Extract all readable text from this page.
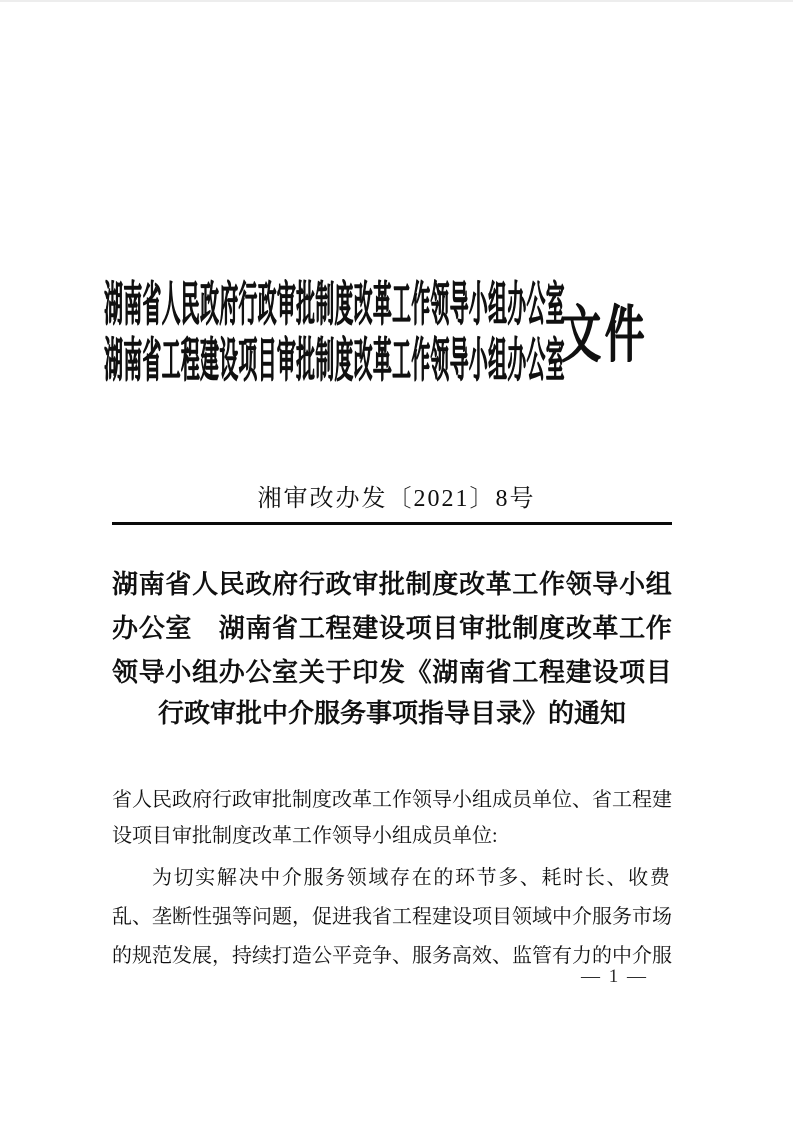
湖南省人民政府行政审批制度改革工作领导小组办公室
湖南省工程建设项目审批制度改革工作领导小组办公室
文件
湘审改办发〔2021〕8号
湖 南 省 人 民 政 府 行 政 审 批 制 度 改 革 工 作 领 导 小 组
办 公 室
　 湖 南 省 工 程 建 设 项 目 审 批 制 度 改 革 工 作
领 导 小 组 办 公 室 关 于 印 发 《 湖 南 省 工 程 建 设 项 目
行政审批中介服务事项指导目录》的通知
省 人 民 政 府 行 政 审 批 制 度 改 革 工 作 领 导 小 组 成 员 单 位 、 省 工 程 建
设项目审批制度改革工作领导小组成员单位:
为 切 实 解 决 中 介 服 务 领 域 存 在 的 环 节 多 、 耗 时 长 、 收 费
乱 、 垄 断 性 强 等 问 题 ， 促 进 我 省 工 程 建 设 项 目 领 域 中 介 服 务 市 场
的 规 范 发 展 ， 持 续 打 造 公 平 竞 争 、 服 务 高 效 、 监 管 有 力 的 中 介 服
— 1 —
